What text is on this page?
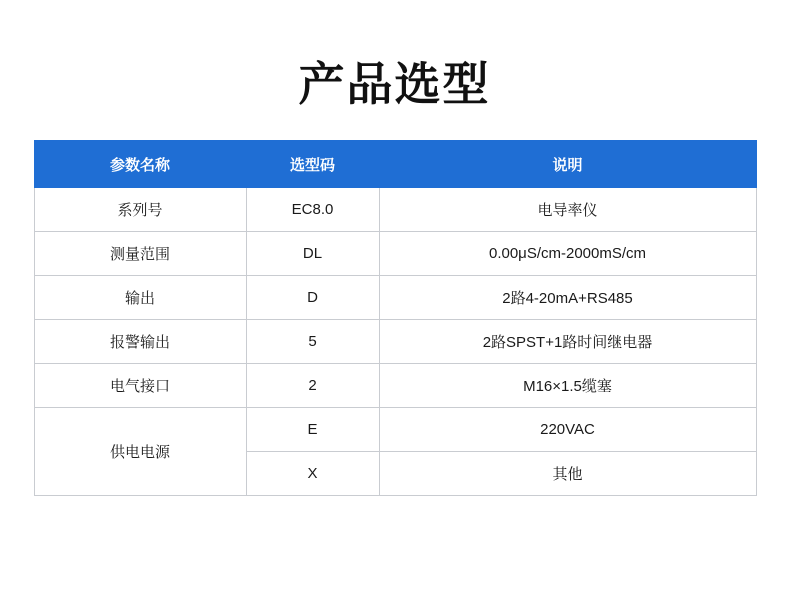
产品选型
参数名称	选型码	说明
系列号	EC8.0	电导率仪
测量范围	DL	0.00μS/cm-2000mS/cm
输出	D	2路4-20mA+RS485
报警输出	5	2路SPST+1路时间继电器
电气接口	2	M16×1.5缆塞
供电电源	E	220VAC
	X	其他
